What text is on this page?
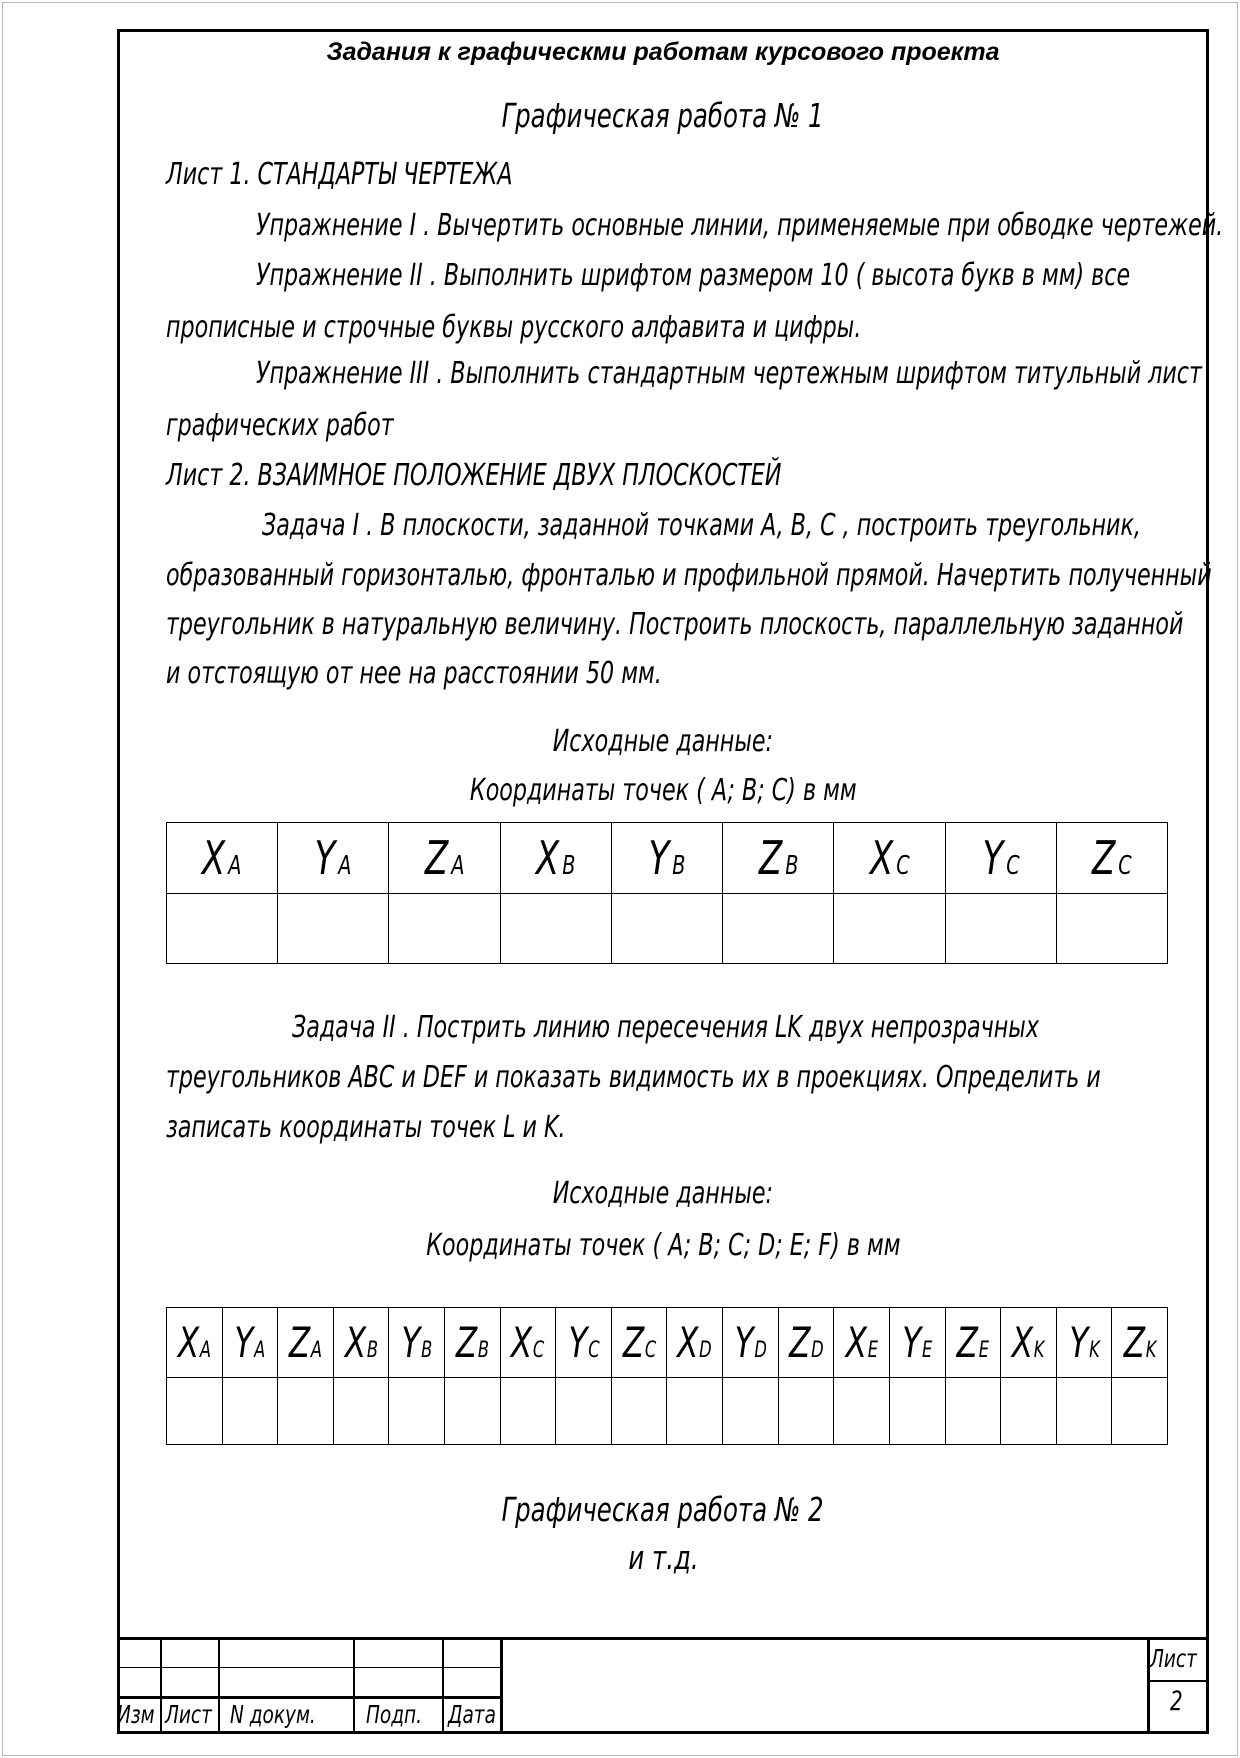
Задания к графическми работам курсового проекта
Графическая работа № 1
Лист 1. СТАНДАРТЫ ЧЕРТЕЖА
Упражнение I . Вычертить основные линии, применяемые при обводке чертежей.
Упражнение II . Выполнить шрифтом размером 10 ( высота букв в мм) все
прописные и строчные буквы русского алфавита и цифры.
Упражнение III . Выполнить стандартным чертежным шрифтом титульный лист
графических работ
Лист 2. ВЗАИМНОЕ ПОЛОЖЕНИЕ ДВУХ ПЛОСКОСТЕЙ
Задача I . В плоскости, заданной точками A, B, C , построить треугольник,
образованный горизонталью, фронталью и профильной прямой. Начертить полученный
треугольник в натуральную величину. Построить плоскость, параллельную заданной
и отстоящую от нее на расстоянии 50 мм.
Исходные данные:
Координаты точек ( A; B; C) в мм
X A	Y A	Z A	X B	Y B	Z B	X C	Y C	Z C

Задача II . Пострить линию пересечения LK двух непрозрачных
треугольников ABC и DEF и показать видимость их в проекциях. Определить и
записать координаты точек L и K.
Исходные данные:
Координаты точек ( A; B; C; D; E; F) в мм
XA	YA	ZA	XB	YB	ZB	XC	YC	ZC	XD	YD	ZD	XE	YE	ZE	XK	YK	ZK

Графическая работа № 2
и т.д.
Изм Лист N докум. Подп. Дата
Лист
2
